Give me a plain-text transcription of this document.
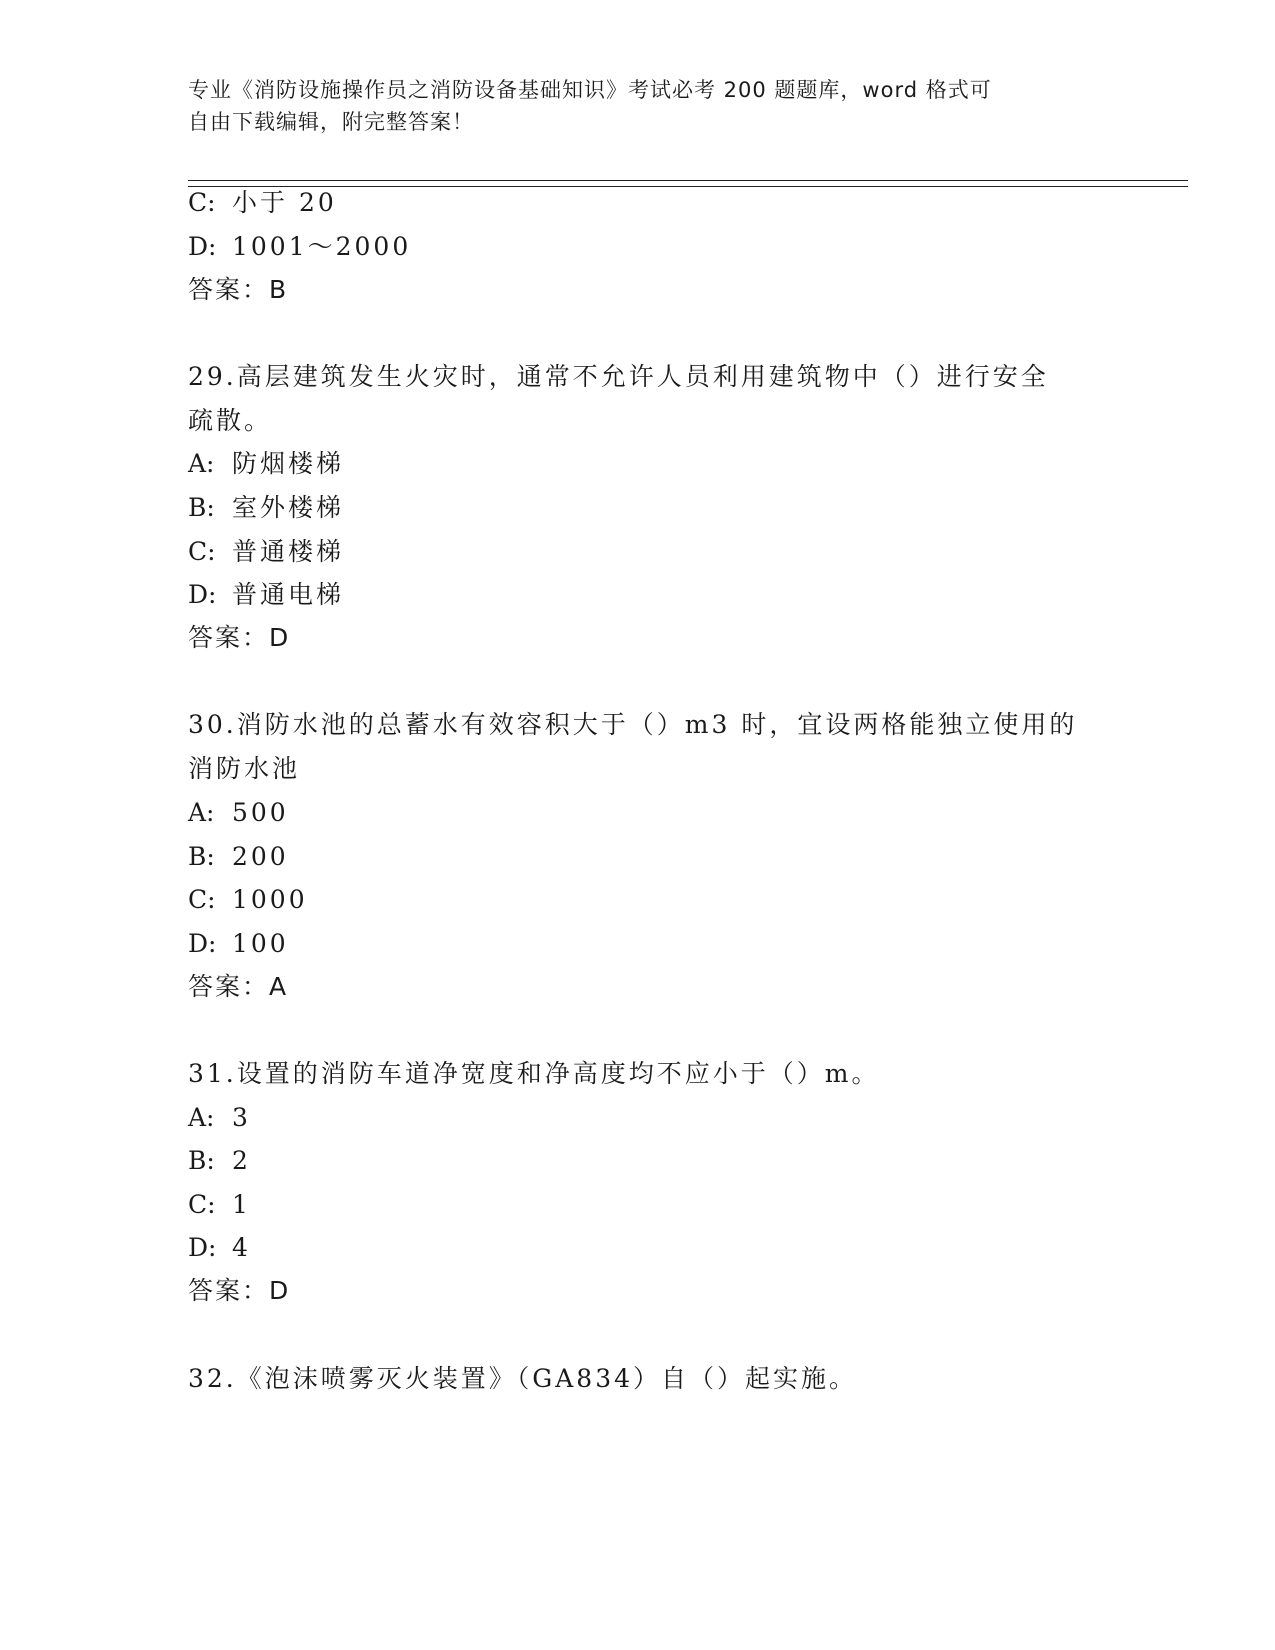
专业《消防设施操作员之消防设备基础知识》考试必考 200 题题库，word 格式可
自由下载编辑，附完整答案！
C: 小于 20
D: 1001～2000
答案：B
29.高层建筑发生火灾时，通常不允许人员利用建筑物中（）进行安全
疏散。
A: 防烟楼梯
B: 室外楼梯
C: 普通楼梯
D: 普通电梯
答案：D
30.消防水池的总蓄水有效容积大于（）m3 时，宜设两格能独立使用的
消防水池
A: 500
B: 200
C: 1000
D: 100
答案：A
31.设置的消防车道净宽度和净高度均不应小于（）m。
A: 3
B: 2
C: 1
D: 4
答案：D
32.《泡沫喷雾灭火装置》（GA834）自（）起实施。
